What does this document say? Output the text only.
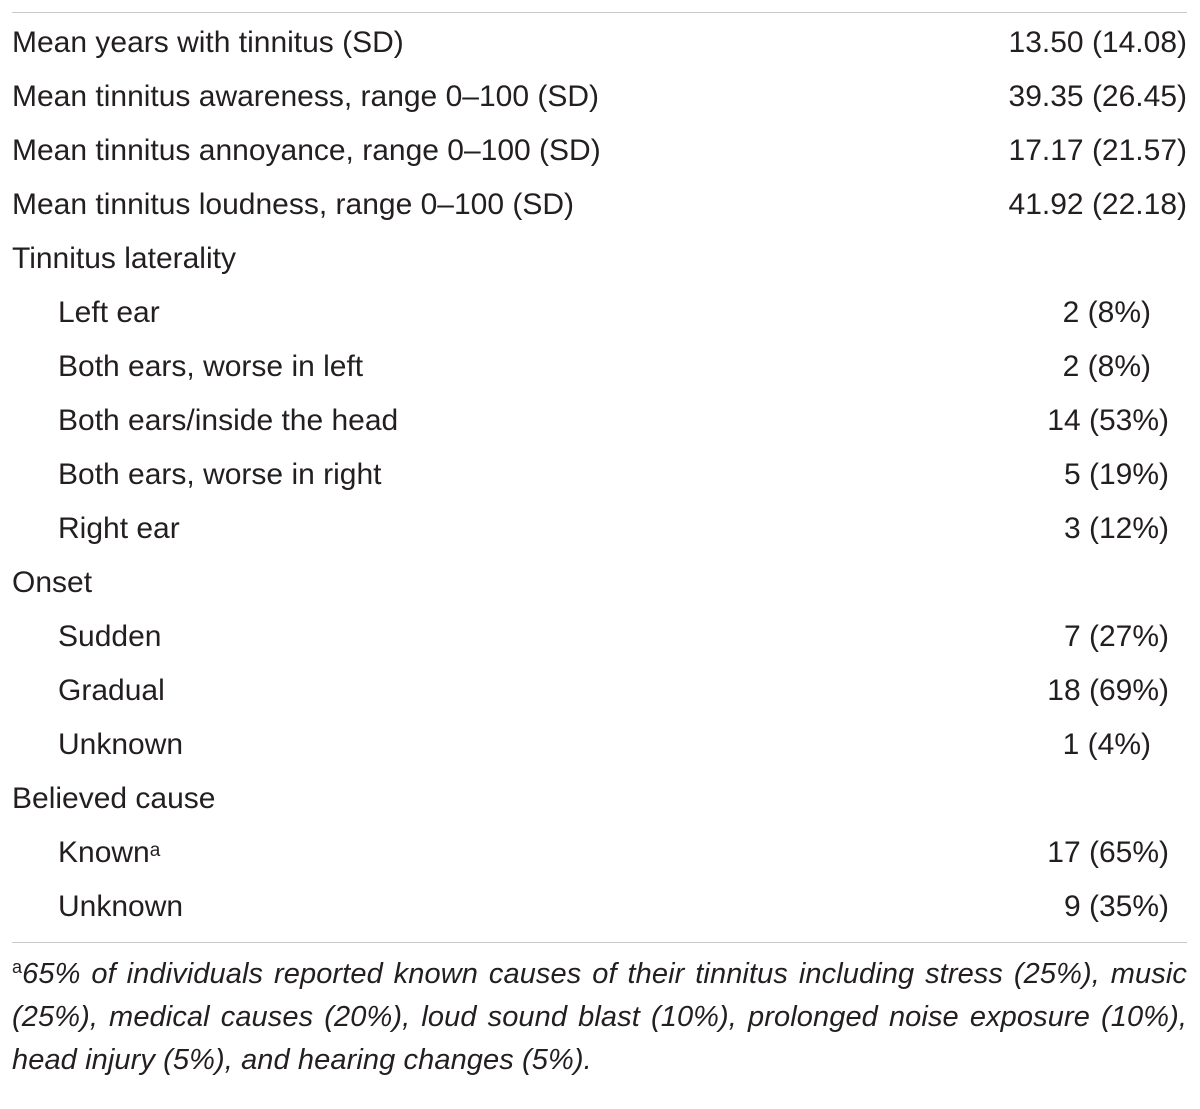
Mean years with tinnitus (SD)	13.50 (14.08)
Mean tinnitus awareness, range 0–100 (SD)	39.35 (26.45)
Mean tinnitus annoyance, range 0–100 (SD)	17.17 (21.57)
Mean tinnitus loudness, range 0–100 (SD)	41.92 (22.18)
Tinnitus laterality
Left ear	2 (8%)
Both ears, worse in left	2 (8%)
Both ears/inside the head	14 (53%)
Both ears, worse in right	5 (19%)
Right ear	3 (12%)
Onset
Sudden	7 (27%)
Gradual	18 (69%)
Unknown	1 (4%)
Believed cause
Known$^a$	17 (65%)
Unknown	9 (35%)
$^a$65% of individuals reported known causes of their tinnitus including stress (25%), music (25%), medical causes (20%), loud sound blast (10%), prolonged noise exposure (10%), head injury (5%), and hearing changes (5%).
